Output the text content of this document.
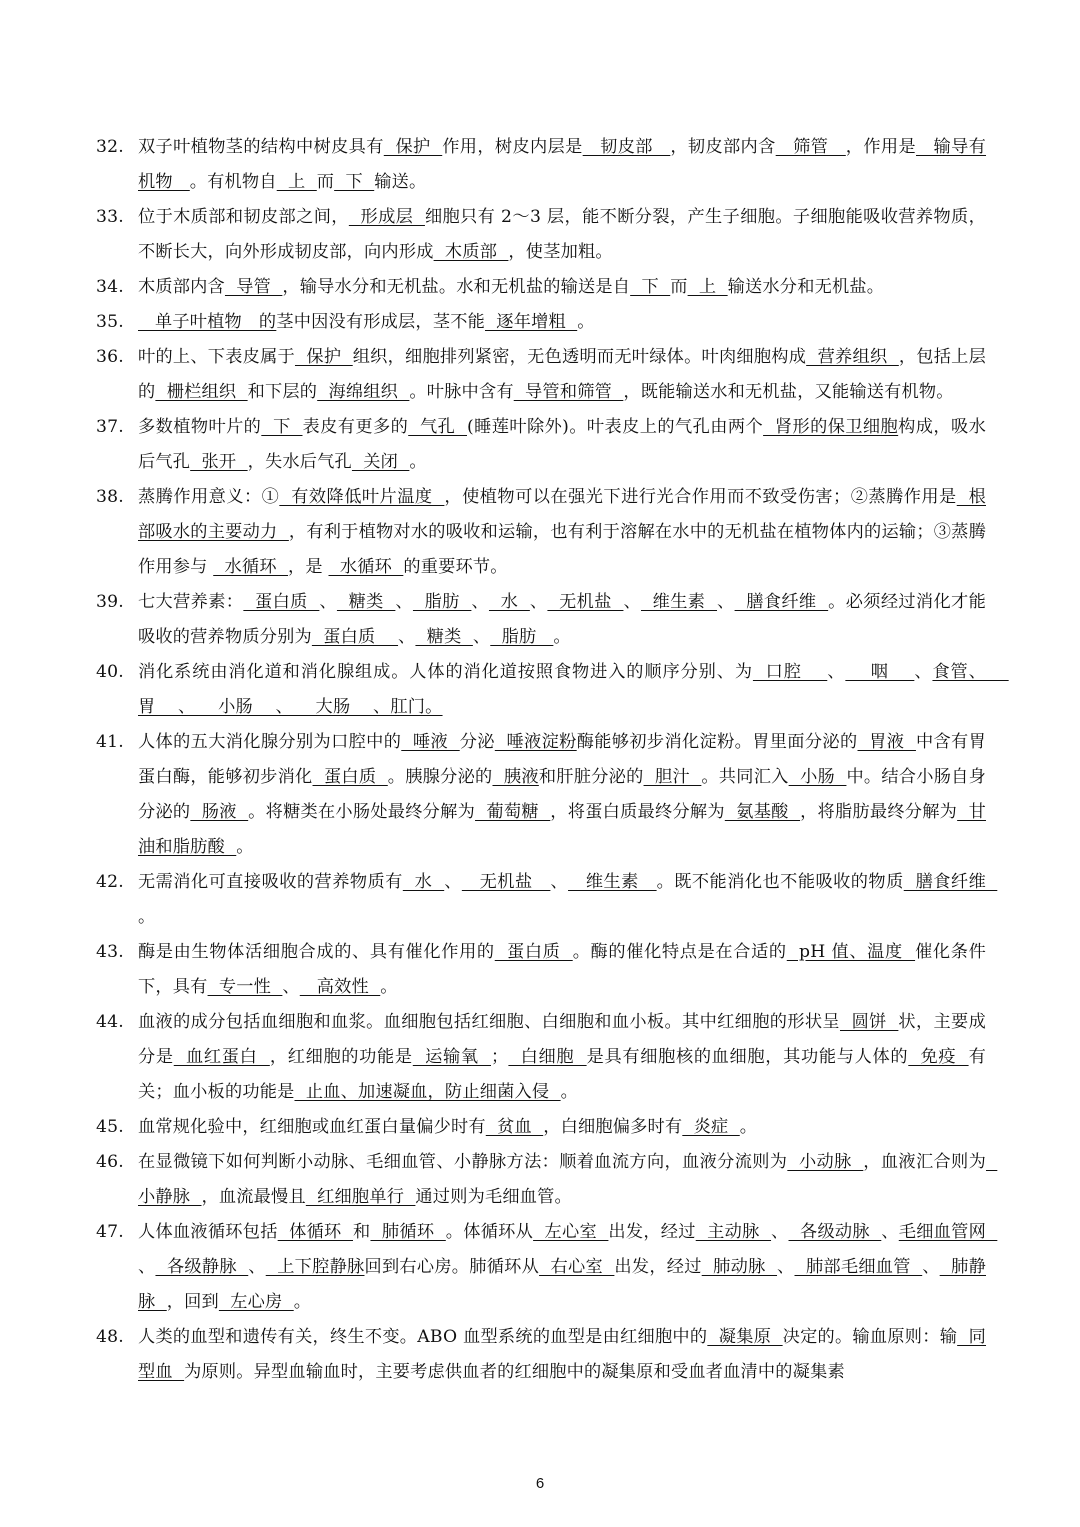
32. 双子叶植物茎的结构中树皮具有  保护  作用，树皮内层是   韧皮部   ，韧皮部内含   筛管   ，作用是   输导有机物   。有机物自  上  而  下  输送。
33. 位于木质部和韧皮部之间，  形成层  细胞只有 2～3 层，能不断分裂，产生子细胞。子细胞能吸收营养物质，不断长大，向外形成韧皮部，向内形成  木质部  ，使茎加粗。
34. 木质部内含  导管  ，输导水分和无机盐。水和无机盐的输送是自  下  而  上  输送水分和无机盐。
35. 单子叶植物   的茎中因没有形成层，茎不能  逐年增粗  。
36. 叶的上、下表皮属于  保护  组织，细胞排列紧密，无色透明而无叶绿体。叶肉细胞构成  营养组织  ，包括上层的  栅栏组织  和下层的  海绵组织  。叶脉中含有  导管和筛管  ，既能输送水和无机盐，又能输送有机物。
37. 多数植物叶片的  下  表皮有更多的  气孔  (睡莲叶除外)。叶表皮上的气孔由两个  肾形的保卫细胞构成，吸水后气孔  张开  ，失水后气孔  关闭  。
38. 蒸腾作用意义：①  有效降低叶片温度  ，使植物可以在强光下进行光合作用而不致受伤害；②蒸腾作用是  根部吸水的主要动力  ，有利于植物对水的吸收和运输，也有利于溶解在水中的无机盐在植物体内的运输；③蒸腾作用参与   水循环  ，是   水循环  的重要环节。
39. 七大营养素：  蛋白质  、  糖类  、  脂肪  、  水  、  无机盐  、  维生素  、  膳食纤维  。必须经过消化才能吸收的营养物质分别为  蛋白质    、  糖类  、  脂肪   。
40. 消化系统由消化道和消化腺组成。人体的消化道按照食物进入的顺序分别、为  口腔    、    咽    、食管、    胃    、    小肠    、    大肠    、肛门。
41. 人体的五大消化腺分别为口腔中的  唾液  分泌  唾液淀粉酶能够初步消化淀粉。胃里面分泌的  胃液  中含有胃蛋白酶，能够初步消化  蛋白质  。胰腺分泌的  胰液和肝脏分泌的  胆汁  。共同汇入  小肠  中。结合小肠自身分泌的  肠液  。将糖类在小肠处最终分解为  葡萄糖  ，将蛋白质最终分解为  氨基酸  ，将脂肪最终分解为  甘油和脂肪酸  。
42. 无需消化可直接吸收的营养物质有  水  、   无机盐   、   维生素   。既不能消化也不能吸收的物质  膳食纤维  。
43. 酶是由生物体活细胞合成的、具有催化作用的  蛋白质  。酶的催化特点是在合适的  pH 值、温度  催化条件下，具有  专一性  、   高效性  。
44. 血液的成分包括血细胞和血浆。血细胞包括红细胞、白细胞和血小板。其中红细胞的形状呈  圆饼  状，主要成分是  血红蛋白  ，红细胞的功能是  运输氧  ；  白细胞  是具有细胞核的血细胞，其功能与人体的  免疫  有关；血小板的功能是  止血、加速凝血，防止细菌入侵  。
45. 血常规化验中，红细胞或血红蛋白量偏少时有  贫血  ，白细胞偏多时有  炎症  。
46. 在显微镜下如何判断小动脉、毛细血管、小静脉方法：顺着血流方向，血液分流则为  小动脉  ，血液汇合则为  小静脉  ，血流最慢且  红细胞单行  通过则为毛细血管。
47. 人体血液循环包括  体循环  和  肺循环  。体循环从  左心室  出发，经过  主动脉  、  各级动脉  、毛细血管网  、  各级静脉  、  上下腔静脉回到右心房。肺循环从  右心室  出发，经过  肺动脉  、  肺部毛细血管  、  肺静脉  ，回到  左心房  。
48. 人类的血型和遗传有关，终生不变。ABO 血型系统的血型是由红细胞中的  凝集原  决定的。输血原则：输  同型血  为原则。异型血输血时，主要考虑供血者的红细胞中的凝集原和受血者血清中的凝集素
6
